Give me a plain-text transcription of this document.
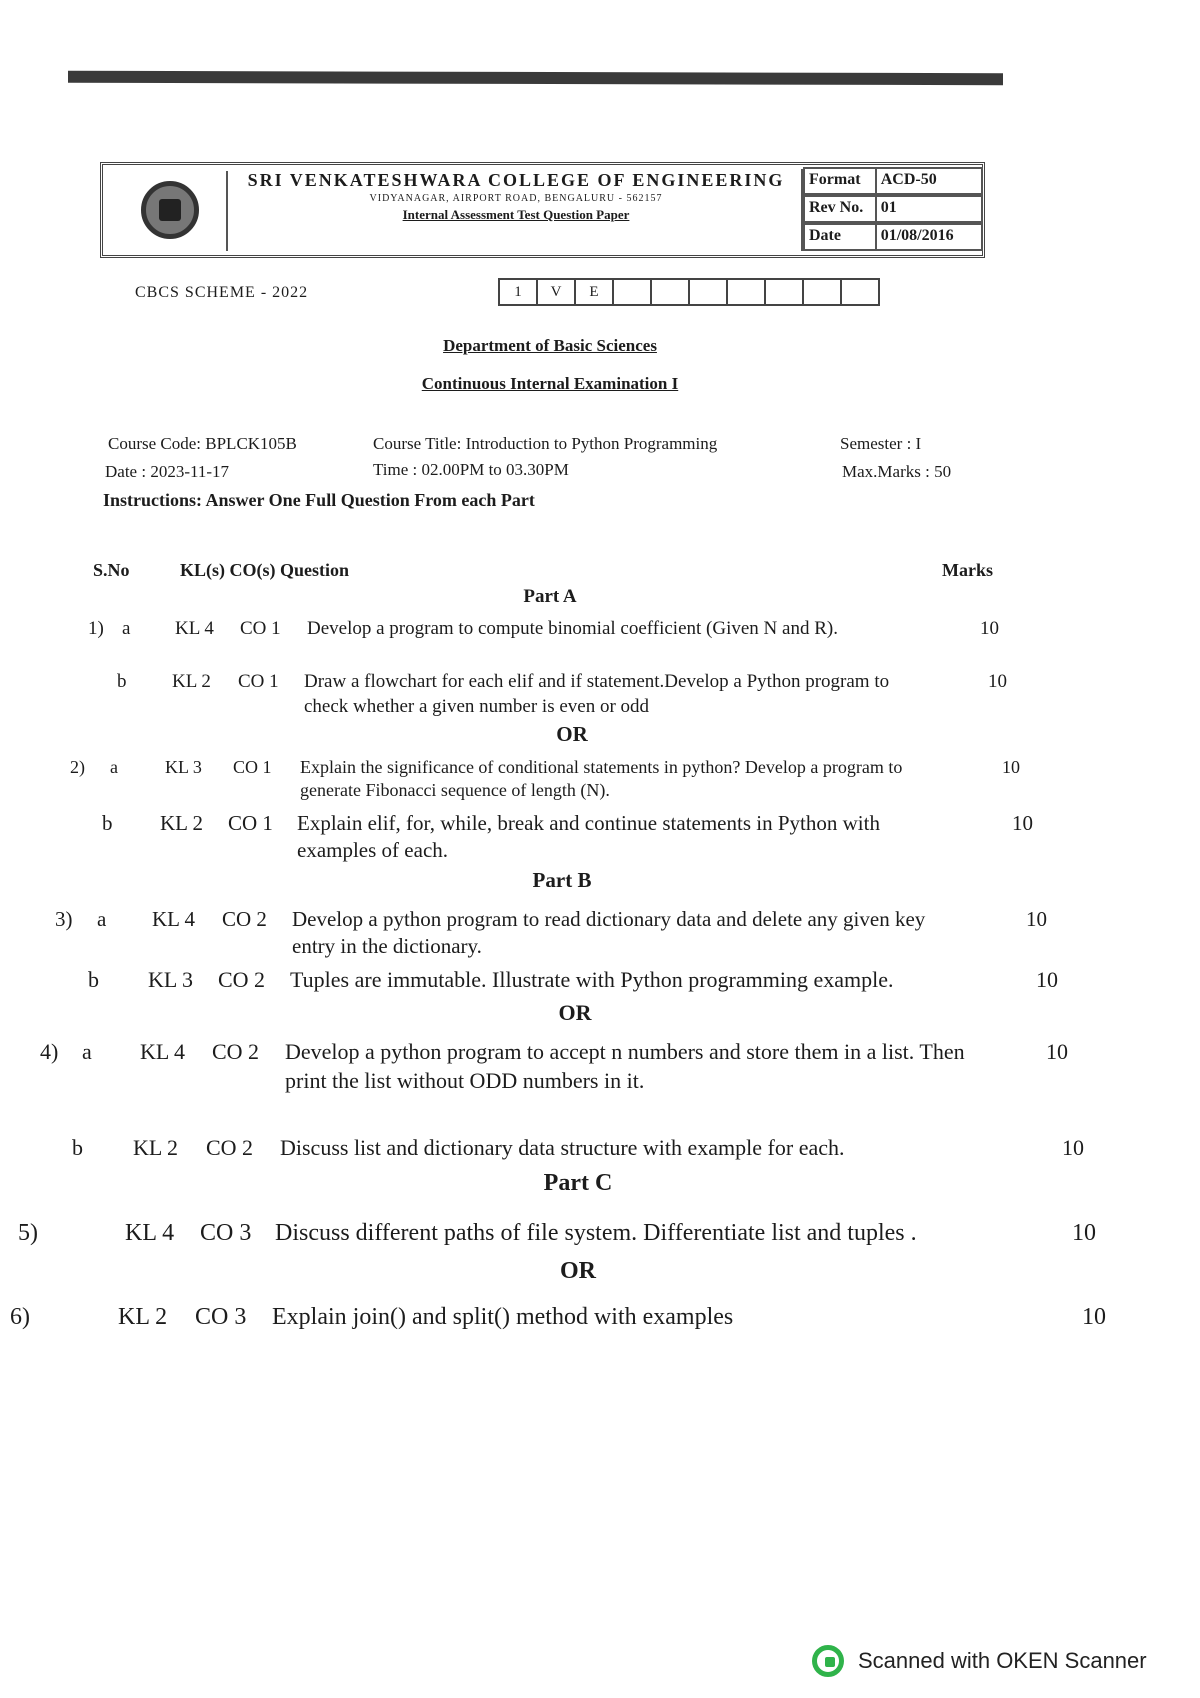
SRI VENKATESHWARA COLLEGE OF ENGINEERING
VIDYANAGAR, AIRPORT ROAD, BENGALURU - 562157
Internal Assessment Test Question Paper
Format	ACD-50
Rev No.	01
Date	01/08/2016
CBCS SCHEME - 2022	1	V	E
Department of Basic Sciences
Continuous Internal Examination I
Course Code: BPLCK105B	Course Title: Introduction to Python Programming	Semester : I
Date : 2023-11-17	Time : 02.00PM to 03.30PM	Max.Marks : 50
Instructions: Answer One Full Question From each Part
S.No	KL(s) CO(s) Question	Marks
Part A
OR
Part B
OR
Part C
OR
1) a KL 4 CO 1 Develop a program to compute binomial coefficient (Given N and R).	10
b KL 2 CO 1 Draw a flowchart for each elif and if statement.Develop a Python program to check whether a given number is even or odd
10
2) a	KL 3 CO 1 Explain the significance of conditional statements in python? Develop a program to generate Fibonacci sequence of length (N).
10
b KL 2 CO 1 Explain elif, for, while, break and continue statements in Python with examples of each.
10
3) a KL 4 CO 2 Develop a python program to read dictionary data and delete any given key entry in the dictionary.
10
b KL 3 CO 2 Tuples are immutable. Illustrate with Python programming example.	10
4) a KL 4 CO 2 Develop a python program to accept n numbers and store them in a list. Then print the list without ODD numbers in it.
10
b KL 2 CO 2 Discuss list and dictionary data structure with example for each.	10
5)	KL 4 CO 3 Discuss different paths of file system. Differentiate list and tuples .	10
6)	KL 2 CO 3 Explain join() and split() method with examples	10
Scanned with OKEN Scanner
